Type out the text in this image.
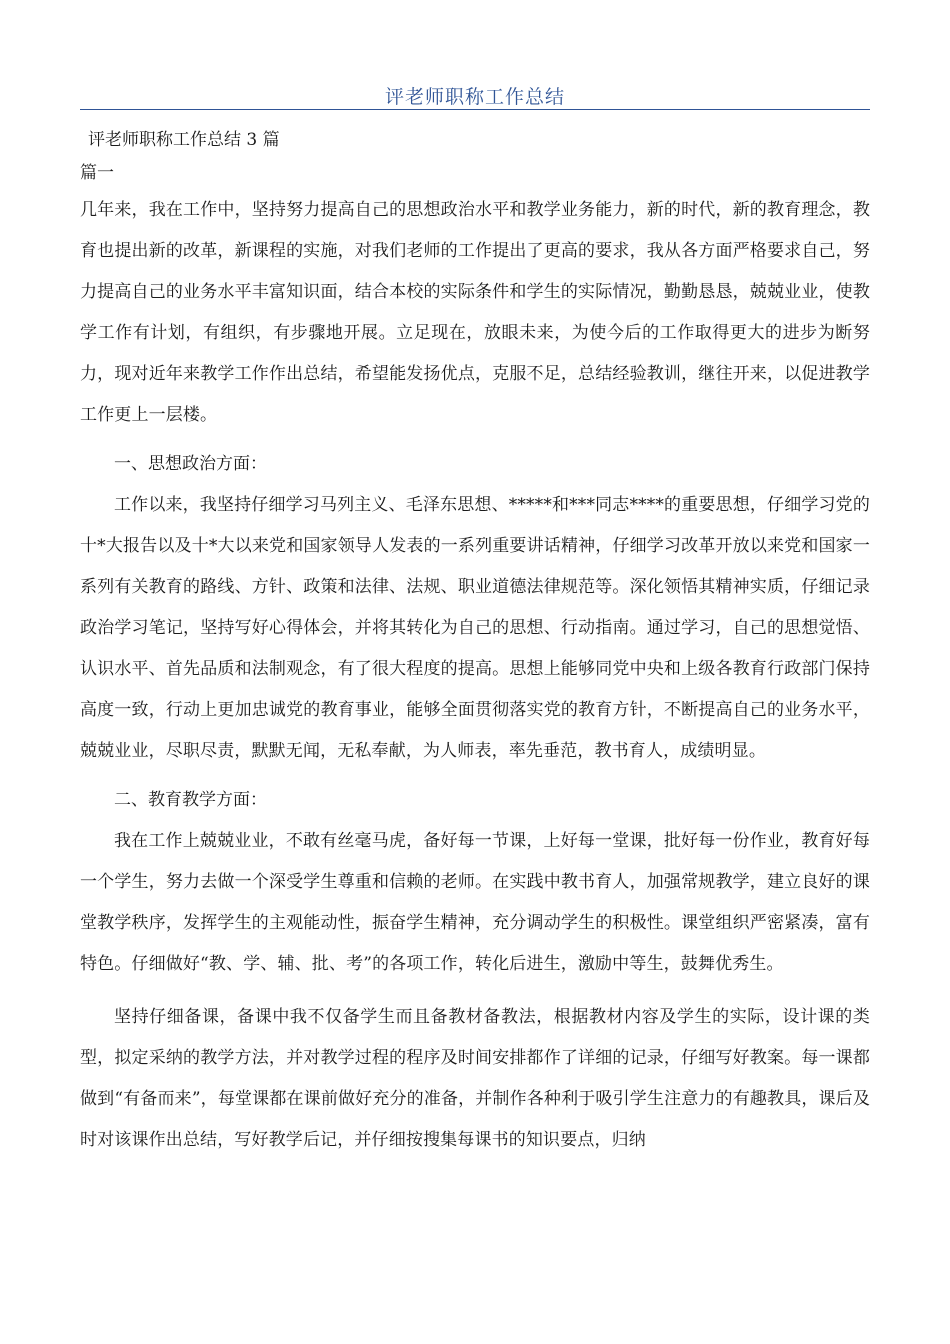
评老师职称工作总结

评老师职称工作总结 3 篇

篇一

几年来，我在工作中，坚持努力提高自己的思想政治水平和教学业务能力，新的时代，新的教育理念，教育也提出新的改革，新课程的实施，对我们老师的工作提出了更高的要求，我从各方面严格要求自己，努力提高自己的业务水平丰富知识面，结合本校的实际条件和学生的实际情况，勤勤恳恳，兢兢业业，使教学工作有计划，有组织，有步骤地开展。立足现在，放眼未来，为使今后的工作取得更大的进步为断努力，现对近年来教学工作作出总结，希望能发扬优点，克服不足，总结经验教训，继往开来，以促进教学工作更上一层楼。

一、思想政治方面：

工作以来，我坚持仔细学习马列主义、毛泽东思想、*****和***同志****的重要思想，仔细学习党的十*大报告以及十*大以来党和国家领导人发表的一系列重要讲话精神，仔细学习改革开放以来党和国家一系列有关教育的路线、方针、政策和法律、法规、职业道德法律规范等。深化领悟其精神实质，仔细记录政治学习笔记，坚持写好心得体会，并将其转化为自己的思想、行动指南。通过学习，自己的思想觉悟、认识水平、首先品质和法制观念，有了很大程度的提高。思想上能够同党中央和上级各教育行政部门保持高度一致，行动上更加忠诚党的教育事业，能够全面贯彻落实党的教育方针，不断提高自己的业务水平，兢兢业业，尽职尽责，默默无闻，无私奉献，为人师表，率先垂范，教书育人，成绩明显。

二、教育教学方面：

我在工作上兢兢业业，不敢有丝毫马虎，备好每一节课，上好每一堂课，批好每一份作业，教育好每一个学生，努力去做一个深受学生尊重和信赖的老师。在实践中教书育人，加强常规教学，建立良好的课堂教学秩序，发挥学生的主观能动性，振奋学生精神，充分调动学生的积极性。课堂组织严密紧凑，富有特色。仔细做好“教、学、辅、批、考”的各项工作，转化后进生，激励中等生，鼓舞优秀生。

坚持仔细备课，备课中我不仅备学生而且备教材备教法，根据教材内容及学生的实际，设计课的类型，拟定采纳的教学方法，并对教学过程的程序及时间安排都作了详细的记录，仔细写好教案。每一课都做到“有备而来”，每堂课都在课前做好充分的准备，并制作各种利于吸引学生注意力的有趣教具，课后及时对该课作出总结，写好教学后记，并仔细按搜集每课书的知识要点，归纳
